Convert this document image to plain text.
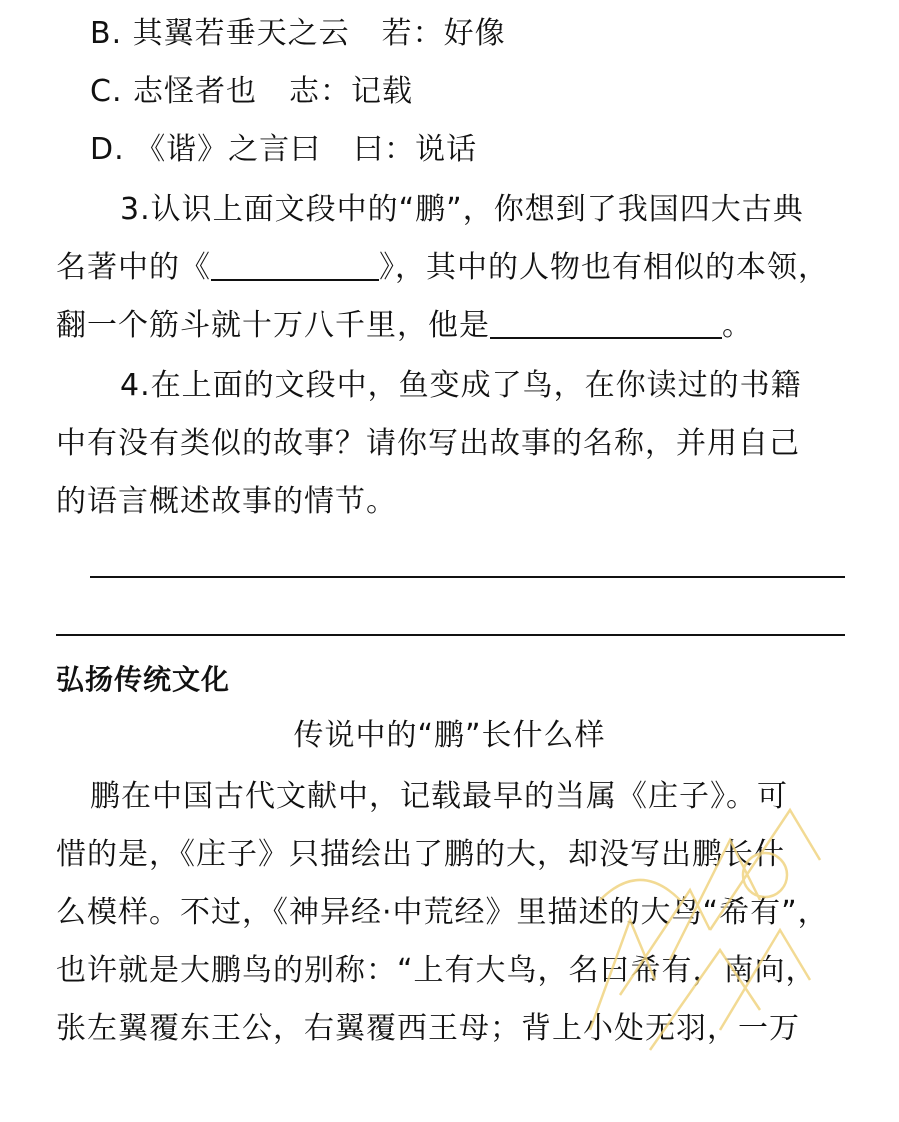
B. 其翼若垂天之云 若：好像
C. 志怪者也 志：记载
D. 《谐》之言曰 曰：说话
3.认识上面文段中的“鹏”，你想到了我国四大古典
名著中的《	》，其中的人物也有相似的本领，
翻一个筋斗就十万八千里，他是	。
4.在上面的文段中，鱼变成了鸟，在你读过的书籍
中有没有类似的故事？请你写出故事的名称，并用自己
的语言概述故事的情节。
弘扬传统文化
传说中的“鹏”长什么样
鹏在中国古代文献中，记载最早的当属《庄子》。可
惜的是，《庄子》只描绘出了鹏的大，却没写出鹏长什
么模样。不过，《神异经·中荒经》里描述的大鸟“希有”，
也许就是大鹏鸟的别称：“上有大鸟，名曰希有，南向，
张左翼覆东王公，右翼覆西王母；背上小处无羽，一万
